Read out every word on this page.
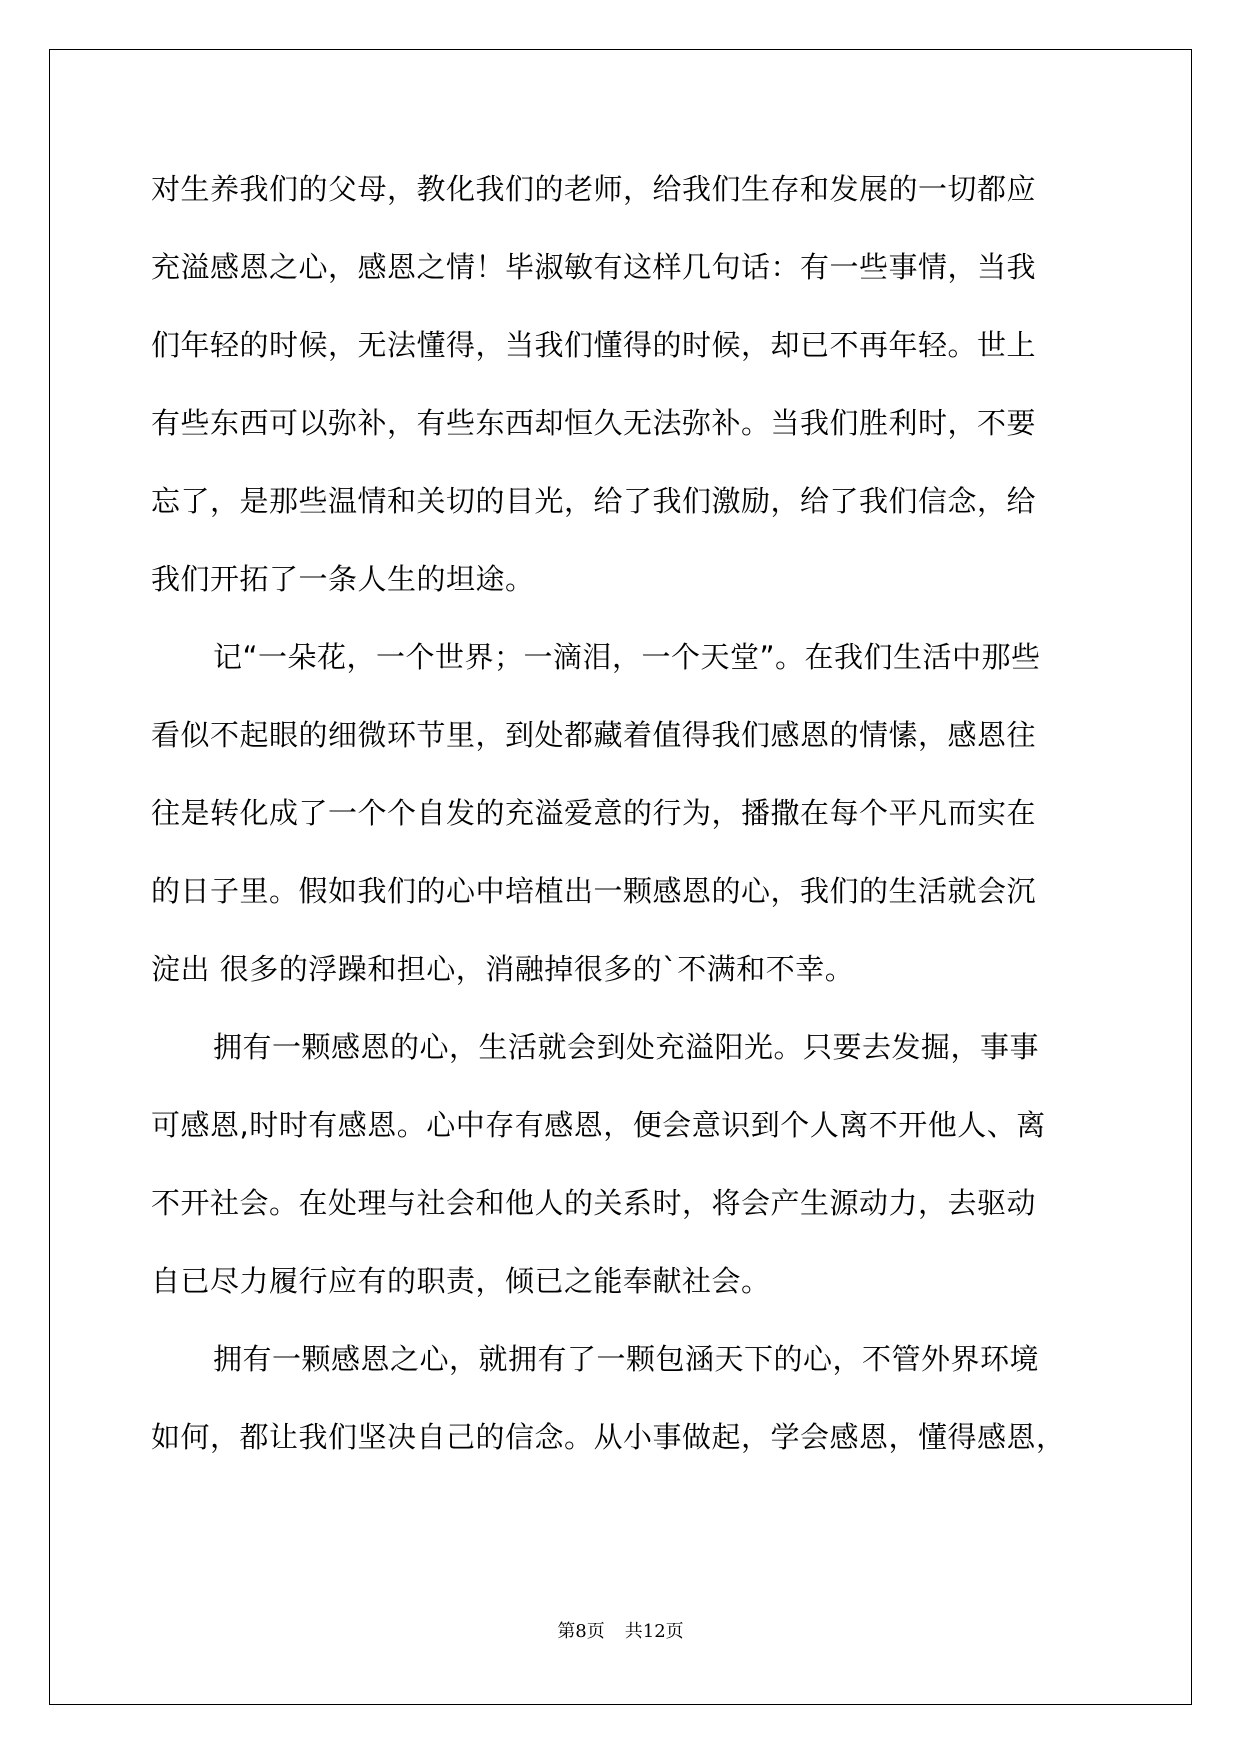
对生养我们的父母，教化我们的老师，给我们生存和发展的一切都应
充溢感恩之心，感恩之情！毕淑敏有这样几句话：有一些事情，当我
们年轻的时候，无法懂得，当我们懂得的时候，却已不再年轻。世上
有些东西可以弥补，有些东西却恒久无法弥补。当我们胜利时，不要
忘了，是那些温情和关切的目光，给了我们激励，给了我们信念，给
我们开拓了一条人生的坦途。
记“一朵花，一个世界；一滴泪，一个天堂”。在我们生活中那些
看似不起眼的细微环节里，到处都藏着值得我们感恩的情愫，感恩往
往是转化成了一个个自发的充溢爱意的行为，播撒在每个平凡而实在
的日子里。假如我们的心中培植出一颗感恩的心，我们的生活就会沉
淀出 很多的浮躁和担心，消融掉很多的`不满和不幸。
拥有一颗感恩的心，生活就会到处充溢阳光。只要去发掘，事事
可感恩,时时有感恩。心中存有感恩，便会意识到个人离不开他人、离
不开社会。在处理与社会和他人的关系时，将会产生源动力，去驱动
自已尽力履行应有的职责，倾已之能奉献社会。
拥有一颗感恩之心，就拥有了一颗包涵天下的心，不管外界环境
如何，都让我们坚决自己的信念。从小事做起，学会感恩，懂得感恩，
第8页 共12页
